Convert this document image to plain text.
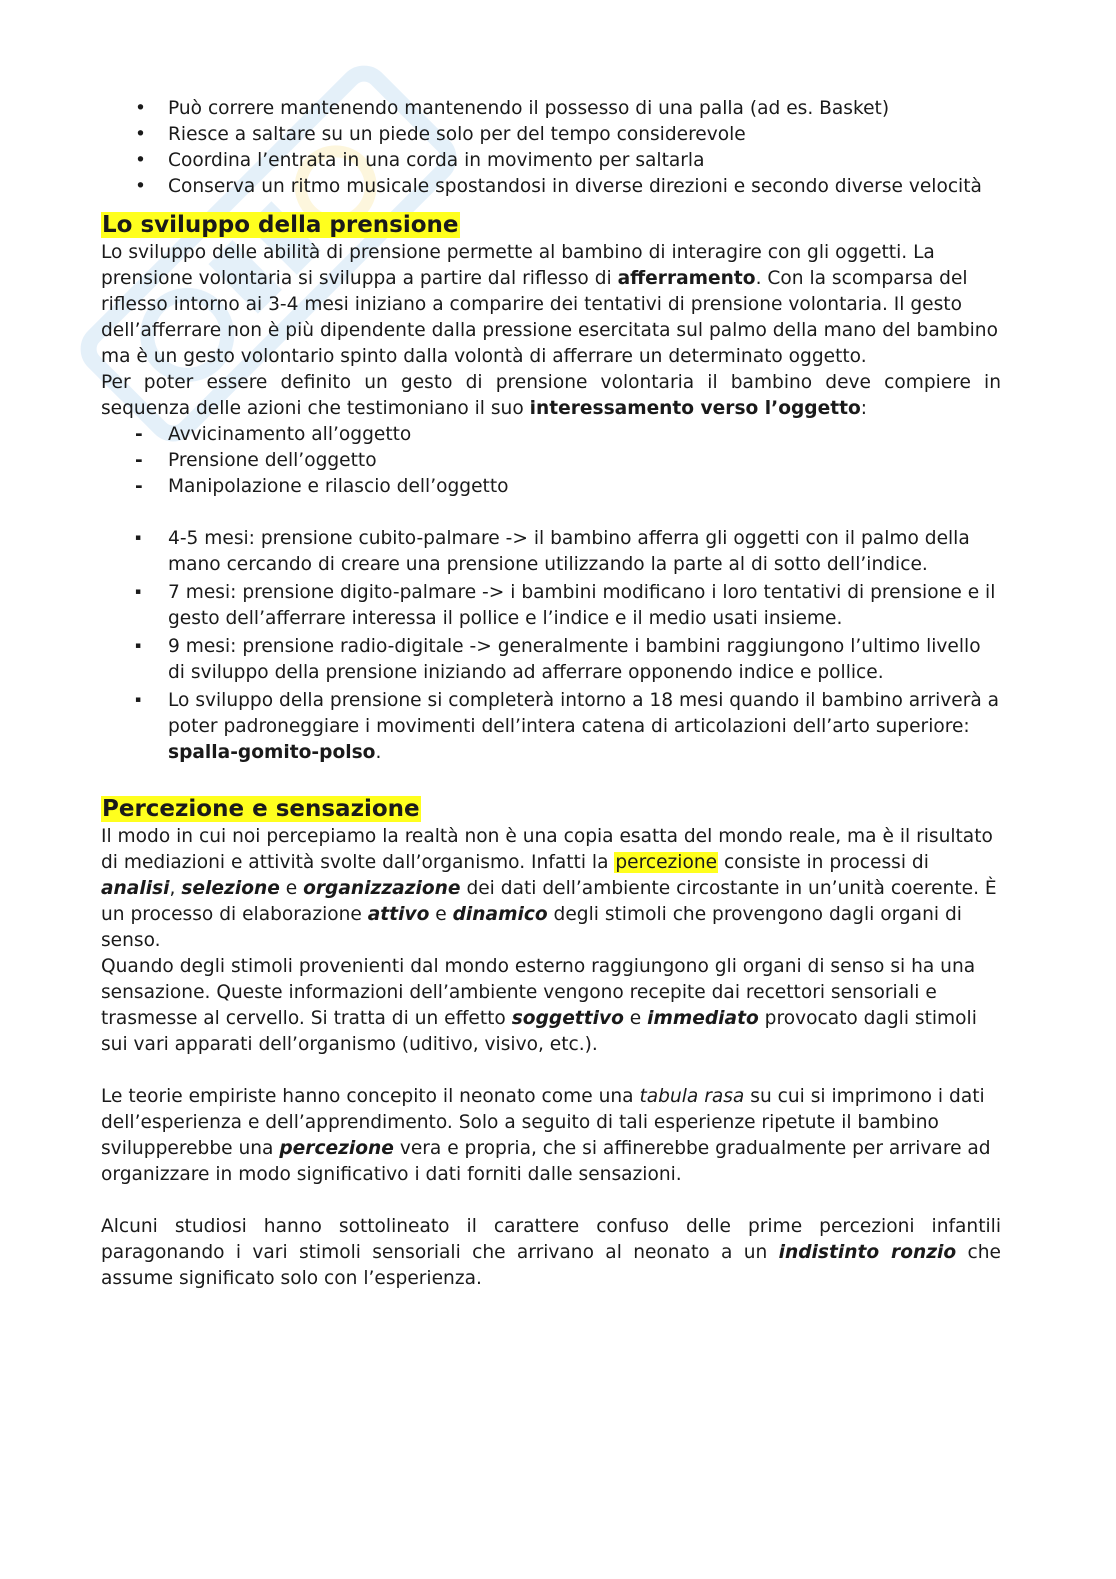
• Può correre mantenendo mantenendo il possesso di una palla (ad es. Basket)
• Riesce a saltare su un piede solo per del tempo considerevole
• Coordina l’entrata in una corda in movimento per saltarla
• Conserva un ritmo musicale spostandosi in diverse direzioni e secondo diverse velocità
Lo sviluppo della prensione

Lo sviluppo delle abilità di prensione permette al bambino di interagire con gli oggetti. La prensione volontaria si sviluppa a partire dal riflesso di afferramento. Con la scomparsa del riflesso intorno ai 3-4 mesi iniziano a comparire dei tentativi di prensione volontaria. Il gesto dell’afferrare non è più dipendente dalla pressione esercitata sul palmo della mano del bambino ma è un gesto volontario spinto dalla volontà di afferrare un determinato oggetto.

Per poter essere definito un gesto di prensione volontaria il bambino deve compiere in sequenza delle azioni che testimoniano il suo interessamento verso l’oggetto:

- Avvicinamento all’oggetto
- Prensione dell’oggetto
- Manipolazione e rilascio dell’oggetto
▪ 4-5 mesi: prensione cubito-palmare -> il bambino afferra gli oggetti con il palmo della mano cercando di creare una prensione utilizzando la parte al di sotto dell’indice.
▪ 7 mesi: prensione digito-palmare -> i bambini modificano i loro tentativi di prensione e il gesto dell’afferrare interessa il pollice e l’indice e il medio usati insieme.
▪ 9 mesi: prensione radio-digitale -> generalmente i bambini raggiungono l’ultimo livello di sviluppo della prensione iniziando ad afferrare opponendo indice e pollice.
▪ Lo sviluppo della prensione si completerà intorno a 18 mesi quando il bambino arriverà a poter padroneggiare i movimenti dell’intera catena di articolazioni dell’arto superiore: spalla-gomito-polso.
Percezione e sensazione

Il modo in cui noi percepiamo la realtà non è una copia esatta del mondo reale, ma è il risultato di mediazioni e attività svolte dall’organismo. Infatti la percezione consiste in processi di analisi, selezione e organizzazione dei dati dell’ambiente circostante in un’unità coerente. È un processo di elaborazione attivo e dinamico degli stimoli che provengono dagli organi di senso.

Quando degli stimoli provenienti dal mondo esterno raggiungono gli organi di senso si ha una sensazione. Queste informazioni dell’ambiente vengono recepite dai recettori sensoriali e trasmesse al cervello. Si tratta di un effetto soggettivo e immediato provocato dagli stimoli sui vari apparati dell’organismo (uditivo, visivo, etc.).

Le teorie empiriste hanno concepito il neonato come una tabula rasa su cui si imprimono i dati dell’esperienza e dell’apprendimento. Solo a seguito di tali esperienze ripetute il bambino svilupperebbe una percezione vera e propria, che si affinerebbe gradualmente per arrivare ad organizzare in modo significativo i dati forniti dalle sensazioni.

Alcuni studiosi hanno sottolineato il carattere confuso delle prime percezioni infantili paragonando i vari stimoli sensoriali che arrivano al neonato a un indistinto ronzio che assume significato solo con l’esperienza.
